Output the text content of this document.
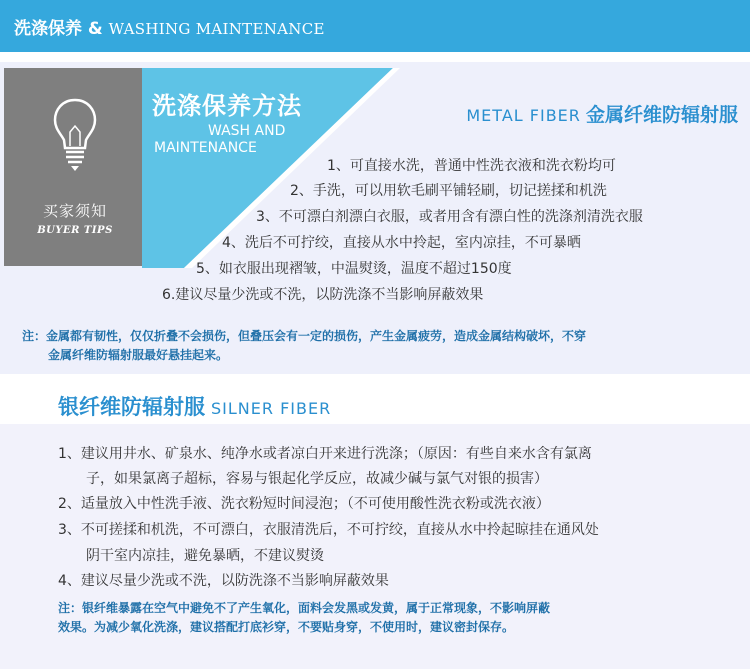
洗涤保养 & WASHING MAINTENANCE
买家须知
BUYER TIPS
洗涤保养方法
WASH AND
MAINTENANCE
METAL FIBER 金属纤维防辐射服
1、可直接水洗，普通中性洗衣液和洗衣粉均可
2、手洗，可以用软毛刷平铺轻刷，切记搓揉和机洗
3、不可漂白剂漂白衣服，或者用含有漂白性的洗涤剂清洗衣服
4、洗后不可拧绞，直接从水中拎起，室内凉挂，不可暴晒
5、如衣服出现褶皱，中温熨烫，温度不超过150度
6.建议尽量少洗或不洗，以防洗涤不当影响屏蔽效果
注：金属都有韧性，仅仅折叠不会损伤，但叠压会有一定的损伤，产生金属疲劳，造成金属结构破坏，不穿
金属纤维防辐射服最好悬挂起来。
银纤维防辐射服 SILNER FIBER
1、建议用井水、矿泉水、纯净水或者凉白开来进行洗涤；（原因：有些自来水含有氯离
子，如果氯离子超标，容易与银起化学反应，故减少碱与氯气对银的损害）
2、适量放入中性洗手液、洗衣粉短时间浸泡；（不可使用酸性洗衣粉或洗衣液）
3、不可搓揉和机洗，不可漂白，衣服清洗后，不可拧绞，直接从水中拎起晾挂在通风处
阴干室内凉挂，避免暴晒，不建议熨烫
4、建议尽量少洗或不洗，以防洗涤不当影响屏蔽效果
注：银纤维暴露在空气中避免不了产生氧化，面料会发黑或发黄，属于正常现象，不影响屏蔽
效果。为减少氧化洗涤，建议搭配打底衫穿，不要贴身穿，不使用时，建议密封保存。
